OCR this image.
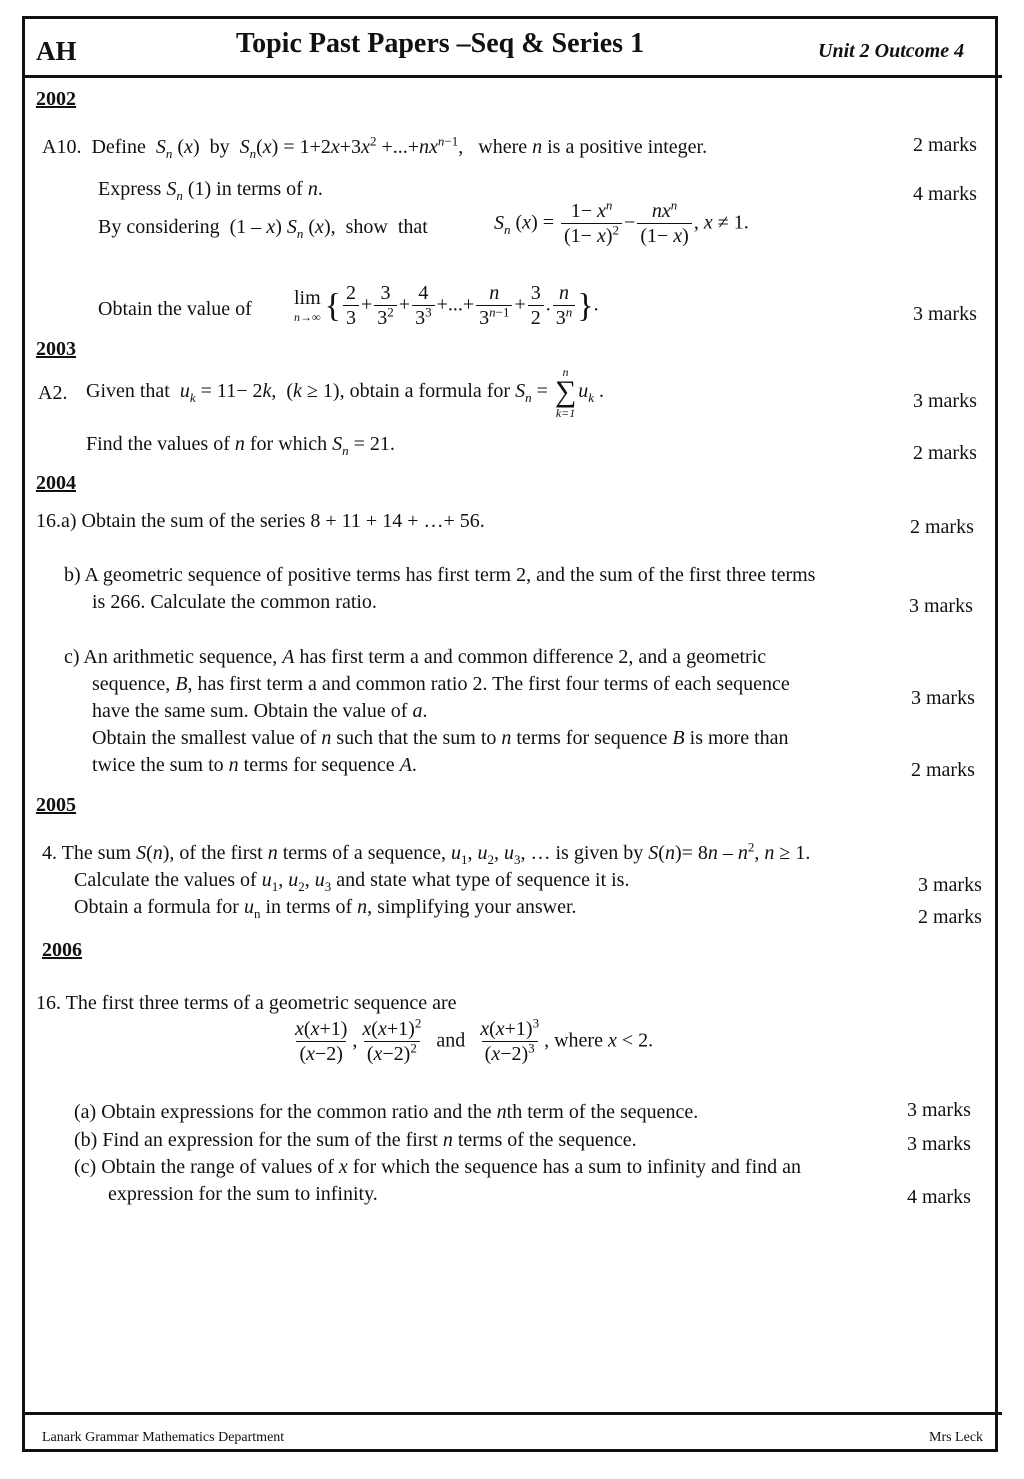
AH	Topic Past Papers –Seq & Series 1	Unit 2 Outcome 4
2002
A10. Define $S_n$ (x)  by $S_n(x) = 1+2x+3x^2 +...+nx^{n-1}$,   where n is a positive integer.	2 marks
Express $S_n$ (1) in terms of n.	4 marks
By considering  (1 – x) $S_n$ (x),  show  that	$S_n$ $(x) = \frac{1- x^n}{(1- x)^2} - \frac{nx^n}{(1- x)}$ , x ≠ 1.
Obtain the value of lim
n→∞ { $\frac{2}{3} + \frac{3}{3^2} + \frac{4}{3^3}$ +...+ $\frac{n}{3^{n-1}} + \frac{3}{2}$ . $\frac{n}{3^n}$ }.	3 marks
2003
A2. Given that $u_k = 11- 2k$,  (k ≥ 1), obtain a formula for $S_n$ =
n
∑
k=1
$u_k$ .	3 marks
Find the values of n for which $S_n = 21$.	2 marks
2004
16.a) Obtain the sum of the series 8 + 11 + 14 + …+ 56.	2 marks
b) A geometric sequence of positive terms has first term 2, and the sum of the first three terms
is 266. Calculate the common ratio.	3 marks
c) An arithmetic sequence, A has first term a and common difference 2, and a geometric
sequence, B, has first term a and common ratio 2. The first four terms of each sequence
have the same sum. Obtain the value of a.
3 marks
Obtain the smallest value of n such that the sum to n terms for sequence B is more than
twice the sum to n terms for sequence A.	2 marks
2005
4. The sum S(n), of the first n terms of a sequence, $u_1$, $u_2$, $u_3$, … is given by $S(n)= 8n - n^2$, n ≥ 1.
Calculate the values of $u_1$, $u_2$, $u_3$ and state what type of sequence it is.	3 marks
Obtain a formula for $u_n$ in terms of n, simplifying your answer.	2 marks
2006
16. The first three terms of a geometric sequence are
$\frac{x(x+1)}{(x-2)}$ , $\frac{x(x+1)^2}{(x-2)^2}$ and $\frac{x(x+1)^3}{(x-2)^3}$ , where x < 2.
(a) Obtain expressions for the common ratio and the nth term of the sequence.	3 marks
(b) Find an expression for the sum of the first n terms of the sequence.	3 marks
(c) Obtain the range of values of x for which the sequence has a sum to infinity and find an
expression for the sum to infinity.	4 marks
Lanark Grammar Mathematics Department	Mrs Leck
